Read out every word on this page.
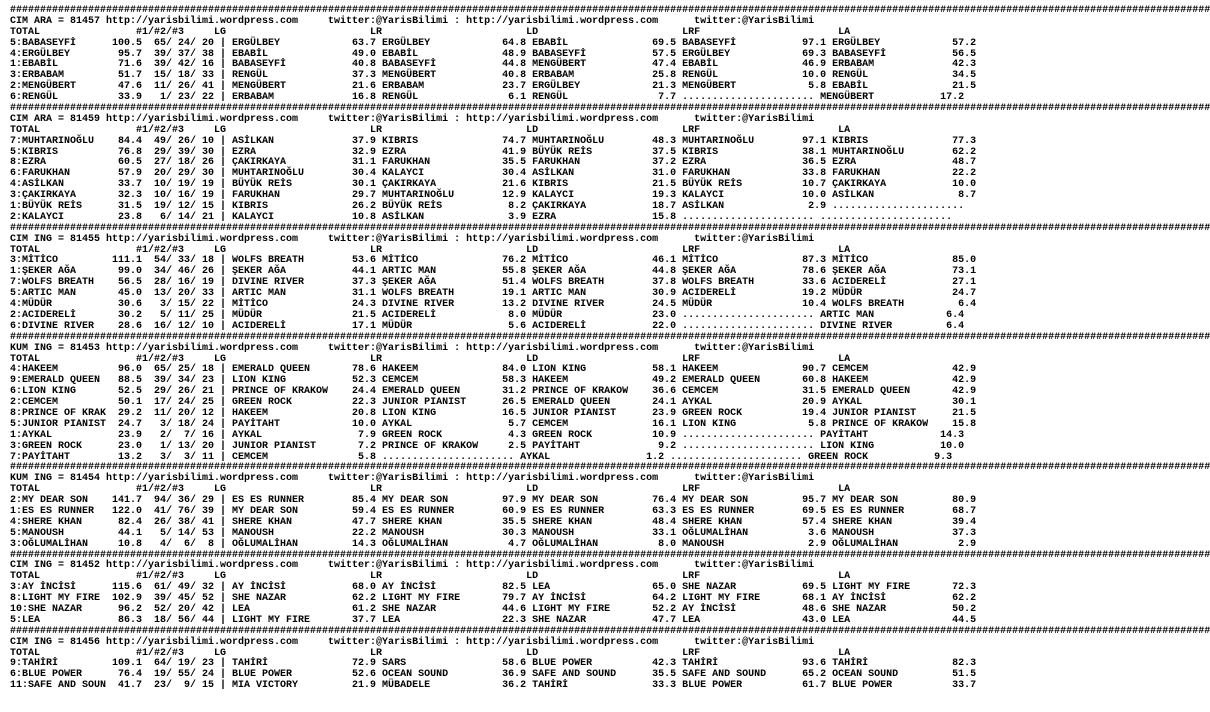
########################################################################################################################################################################################################
CIM ARA = 81457 http://yarisbilimi.wordpress.com     twitter:@YarisBilimi : http://yarisbilimi.wordpress.com      twitter:@YarisBilimi
TOTAL                #1/#2/#3     LG                        LR                        LD                        LRF                       LA
5:BABASEYFİ      100.5  65/ 24/ 20 | ERGÜLBEY            63.7 ERGÜLBEY            64.8 EBABİL              69.5 BABASEYFİ           97.1 ERGÜLBEY            57.2
4:ERGÜLBEY        95.7  39/ 37/ 38 | EBABİL              49.0 EBABİL              48.9 BABASEYFİ           57.5 ERGÜLBEY            69.3 BABASEYFİ           56.5
1:EBABİL          71.6  39/ 42/ 16 | BABASEYFİ           40.8 BABASEYFİ           44.8 MENGÜBERT           47.4 EBABİL              46.9 ERBABAM             42.3
3:ERBABAM         51.7  15/ 18/ 33 | RENGÜL              37.3 MENGÜBERT           40.8 ERBABAM             25.8 RENGÜL              10.0 RENGÜL              34.5
2:MENGÜBERT       47.6  11/ 26/ 41 | MENGÜBERT           21.6 ERBABAM             23.7 ERGÜLBEY            21.3 MENGÜBERT            5.8 EBABİL              21.5
6:RENGÜL          33.9   1/ 23/ 22 | ERBABAM             16.8 RENGÜL               6.1 RENGÜL               7.7 ...................... MENGÜBERT           17.2
########################################################################################################################################################################################################
CIM ARA = 81459 http://yarisbilimi.wordpress.com     twitter:@YarisBilimi : http://yarisbilimi.wordpress.com      twitter:@YarisBilimi
TOTAL                #1/#2/#3     LG                        LR                        LD                        LRF                       LA
7:MUHTARINOĞLU    84.4  49/ 26/ 10 | ASİLKAN             37.9 KIBRIS              74.7 MUHTARINOĞLU        48.3 MUHTARINOĞLU        97.1 KIBRIS              77.3
5:KIBRIS          76.8  29/ 39/ 30 | EZRA                32.9 EZRA                41.9 BÜYÜK REİS          37.5 KIBRIS              38.1 MUHTARINOĞLU        62.2
8:EZRA            60.5  27/ 18/ 26 | ÇAKIRKAYA           31.1 FARUKHAN            35.5 FARUKHAN            37.2 EZRA                36.5 EZRA                48.7
6:FARUKHAN        57.9  20/ 29/ 30 | MUHTARINOĞLU        30.4 KALAYCI             30.4 ASİLKAN             31.0 FARUKHAN            33.8 FARUKHAN            22.2
4:ASİLKAN         33.7  10/ 19/ 19 | BÜYÜK REİS          30.1 ÇAKIRKAYA           21.6 KIBRIS              21.5 BÜYÜK REİS          10.7 ÇAKIRKAYA           10.0
3:ÇAKIRKAYA       32.3  10/ 16/ 19 | FARUKHAN            29.7 MUHTARINOĞLU        12.9 KALAYCI             19.3 KALAYCI             10.0 ASİLKAN              8.7
1:BÜYÜK REİS      31.5  19/ 12/ 15 | KIBRIS              26.2 BÜYÜK REİS           8.2 ÇAKIRKAYA           18.7 ASİLKAN              2.9 ......................
2:KALAYCI         23.8   6/ 14/ 21 | KALAYCI             10.8 ASİLKAN              3.9 EZRA                15.8 ...................... ......................
########################################################################################################################################################################################################
CIM ING = 81455 http://yarisbilimi.wordpress.com     twitter:@YarisBilimi : http://yarisbilimi.wordpress.com      twitter:@YarisBilimi
TOTAL                #1/#2/#3     LG                        LR                        LD                        LRF                       LA
3:MİTİCO         111.1  54/ 33/ 18 | WOLFS BREATH        53.6 MİTİCO              76.2 MİTİCO              46.1 MİTİCO              87.3 MİTİCO              85.0
1:ŞEKER AĞA       99.0  34/ 46/ 26 | ŞEKER AĞA           44.1 ARTIC MAN           55.8 ŞEKER AĞA           44.8 ŞEKER AĞA           78.6 ŞEKER AĞA           73.1
7:WOLFS BREATH    56.5  28/ 16/ 19 | DIVINE RIVER        37.3 ŞEKER AĞA           51.4 WOLFS BREATH        37.8 WOLFS BREATH        33.6 ACIDERELİ           27.1
5:ARTIC MAN       45.0  13/ 20/ 33 | ARTIC MAN           31.1 WOLFS BREATH        19.1 ARTIC MAN           30.9 ACIDERELİ           19.2 MÜDÜR               24.7
4:MÜDÜR           30.6   3/ 15/ 22 | MİTİCO              24.3 DIVINE RIVER        13.2 DIVINE RIVER        24.5 MÜDÜR               10.4 WOLFS BREATH         6.4
2:ACIDERELİ       30.2   5/ 11/ 25 | MÜDÜR               21.5 ACIDERELİ            8.0 MÜDÜR               23.0 ...................... ARTIC MAN            6.4
6:DIVINE RIVER    28.6  16/ 12/ 10 | ACIDERELİ           17.1 MÜDÜR                5.6 ACIDERELİ           22.0 ...................... DIVINE RIVER         6.4
########################################################################################################################################################################################################
KUM ING = 81453 http://yarisbilimi.wordpress.com     twitter:@YarisBilimi : http://yarisbilimi.wordpress.com      twitter:@YarisBilimi
TOTAL                #1/#2/#3     LG                        LR                        LD                        LRF                       LA
4:HAKEEM          96.0  65/ 25/ 18 | EMERALD QUEEN       78.6 HAKEEM              84.0 LION KING           58.1 HAKEEM              90.7 CEMCEM              42.9
9:EMERALD QUEEN   88.5  39/ 34/ 23 | LION KING           52.3 CEMCEM              58.3 HAKEEM              49.2 EMERALD QUEEN       60.8 HAKEEM              42.9
6:LION KING       52.5  29/ 26/ 21 | PRINCE OF KRAKOW    24.4 EMERALD QUEEN       31.2 PRINCE OF KRAKOW    36.6 CEMCEM              31.5 EMERALD QUEEN       42.9
2:CEMCEM          50.1  17/ 24/ 25 | GREEN ROCK          22.3 JUNIOR PIANIST      26.5 EMERALD QUEEN       24.1 AYKAL               20.9 AYKAL               30.1
8:PRINCE OF KRAK  29.2  11/ 20/ 12 | HAKEEM              20.8 LION KING           16.5 JUNIOR PIANIST      23.9 GREEN ROCK          19.4 JUNIOR PIANIST      21.5
5:JUNIOR PIANIST  24.7   3/ 18/ 24 | PAYİTAHT            10.0 AYKAL                5.7 CEMCEM              16.1 LION KING            5.8 PRINCE OF KRAKOW    15.8
1:AYKAL           23.9   2/  7/ 16 | AYKAL                7.9 GREEN ROCK           4.3 GREEN ROCK          10.9 ...................... PAYİTAHT            14.3
3:GREEN ROCK      23.0   1/ 13/ 20 | JUNIOR PIANIST       7.2 PRINCE OF KRAKOW     2.5 PAYİTAHT             9.2 ...................... LION KING           10.0
7:PAYİTAHT        13.2   3/  3/ 11 | CEMCEM               5.8 ...................... AYKAL                1.2 ...................... GREEN ROCK           9.3
########################################################################################################################################################################################################
KUM ING = 81454 http://yarisbilimi.wordpress.com     twitter:@YarisBilimi : http://yarisbilimi.wordpress.com      twitter:@YarisBilimi
TOTAL                #1/#2/#3     LG                        LR                        LD                        LRF                       LA
2:MY DEAR SON    141.7  94/ 36/ 29 | ES ES RUNNER        85.4 MY DEAR SON         97.9 MY DEAR SON         76.4 MY DEAR SON         95.7 MY DEAR SON         80.9
1:ES ES RUNNER   122.0  41/ 76/ 39 | MY DEAR SON         59.4 ES ES RUNNER        60.9 ES ES RUNNER        63.3 ES ES RUNNER        69.5 ES ES RUNNER        68.7
4:SHERE KHAN      82.4  26/ 38/ 41 | SHERE KHAN          47.7 SHERE KHAN          35.5 SHERE KHAN          48.4 SHERE KHAN          57.4 SHERE KHAN          39.4
5:MANOUSH         44.1   5/ 14/ 53 | MANOUSH             22.2 MANOUSH             30.3 MANOUSH             33.1 OĞLUMALİHAN          3.6 MANOUSH             37.3
3:OĞLUMALİHAN     10.8   4/  6/  8 | OĞLUMALİHAN         14.3 OĞLUMALİHAN          4.7 OĞLUMALİHAN          8.0 MANOUSH              2.9 OĞLUMALİHAN          2.9
########################################################################################################################################################################################################
CIM ING = 81452 http://yarisbilimi.wordpress.com     twitter:@YarisBilimi : http://yarisbilimi.wordpress.com      twitter:@YarisBilimi
TOTAL                #1/#2/#3     LG                        LR                        LD                        LRF                       LA
3:AY İNCİSİ      115.6  61/ 49/ 32 | AY İNCİSİ           68.0 AY İNCİSİ           82.5 LEA                 65.0 SHE NAZAR           69.5 LIGHT MY FIRE       72.3
8:LIGHT MY FIRE  102.9  39/ 45/ 52 | SHE NAZAR           62.2 LIGHT MY FIRE       79.7 AY İNCİSİ           64.2 LIGHT MY FIRE       68.1 AY İNCİSİ           62.2
10:SHE NAZAR      96.2  52/ 20/ 42 | LEA                 61.2 SHE NAZAR           44.6 LIGHT MY FIRE       52.2 AY İNCİSİ           48.6 SHE NAZAR           50.2
5:LEA             86.3  18/ 56/ 44 | LIGHT MY FIRE       37.7 LEA                 22.3 SHE NAZAR           47.7 LEA                 43.0 LEA                 44.5
########################################################################################################################################################################################################
CIM ING = 81456 http://yarisbilimi.wordpress.com     twitter:@YarisBilimi : http://yarisbilimi.wordpress.com      twitter:@YarisBilimi
TOTAL                #1/#2/#3     LG                        LR                        LD                        LRF                       LA
9:TAHİRİ         109.1  64/ 19/ 23 | TAHİRİ              72.9 SARS                58.6 BLUE POWER          42.3 TAHİRİ              93.6 TAHİRİ              82.3
6:BLUE POWER      76.4  19/ 55/ 24 | BLUE POWER          52.6 OCEAN SOUND         36.9 SAFE AND SOUND      35.5 SAFE AND SOUND      65.2 OCEAN SOUND         51.5
11:SAFE AND SOUN  41.7  23/  9/ 15 | MIA VICTORY         21.9 MÜBADELE            36.2 TAHİRİ              33.3 BLUE POWER          61.7 BLUE POWER          33.7
